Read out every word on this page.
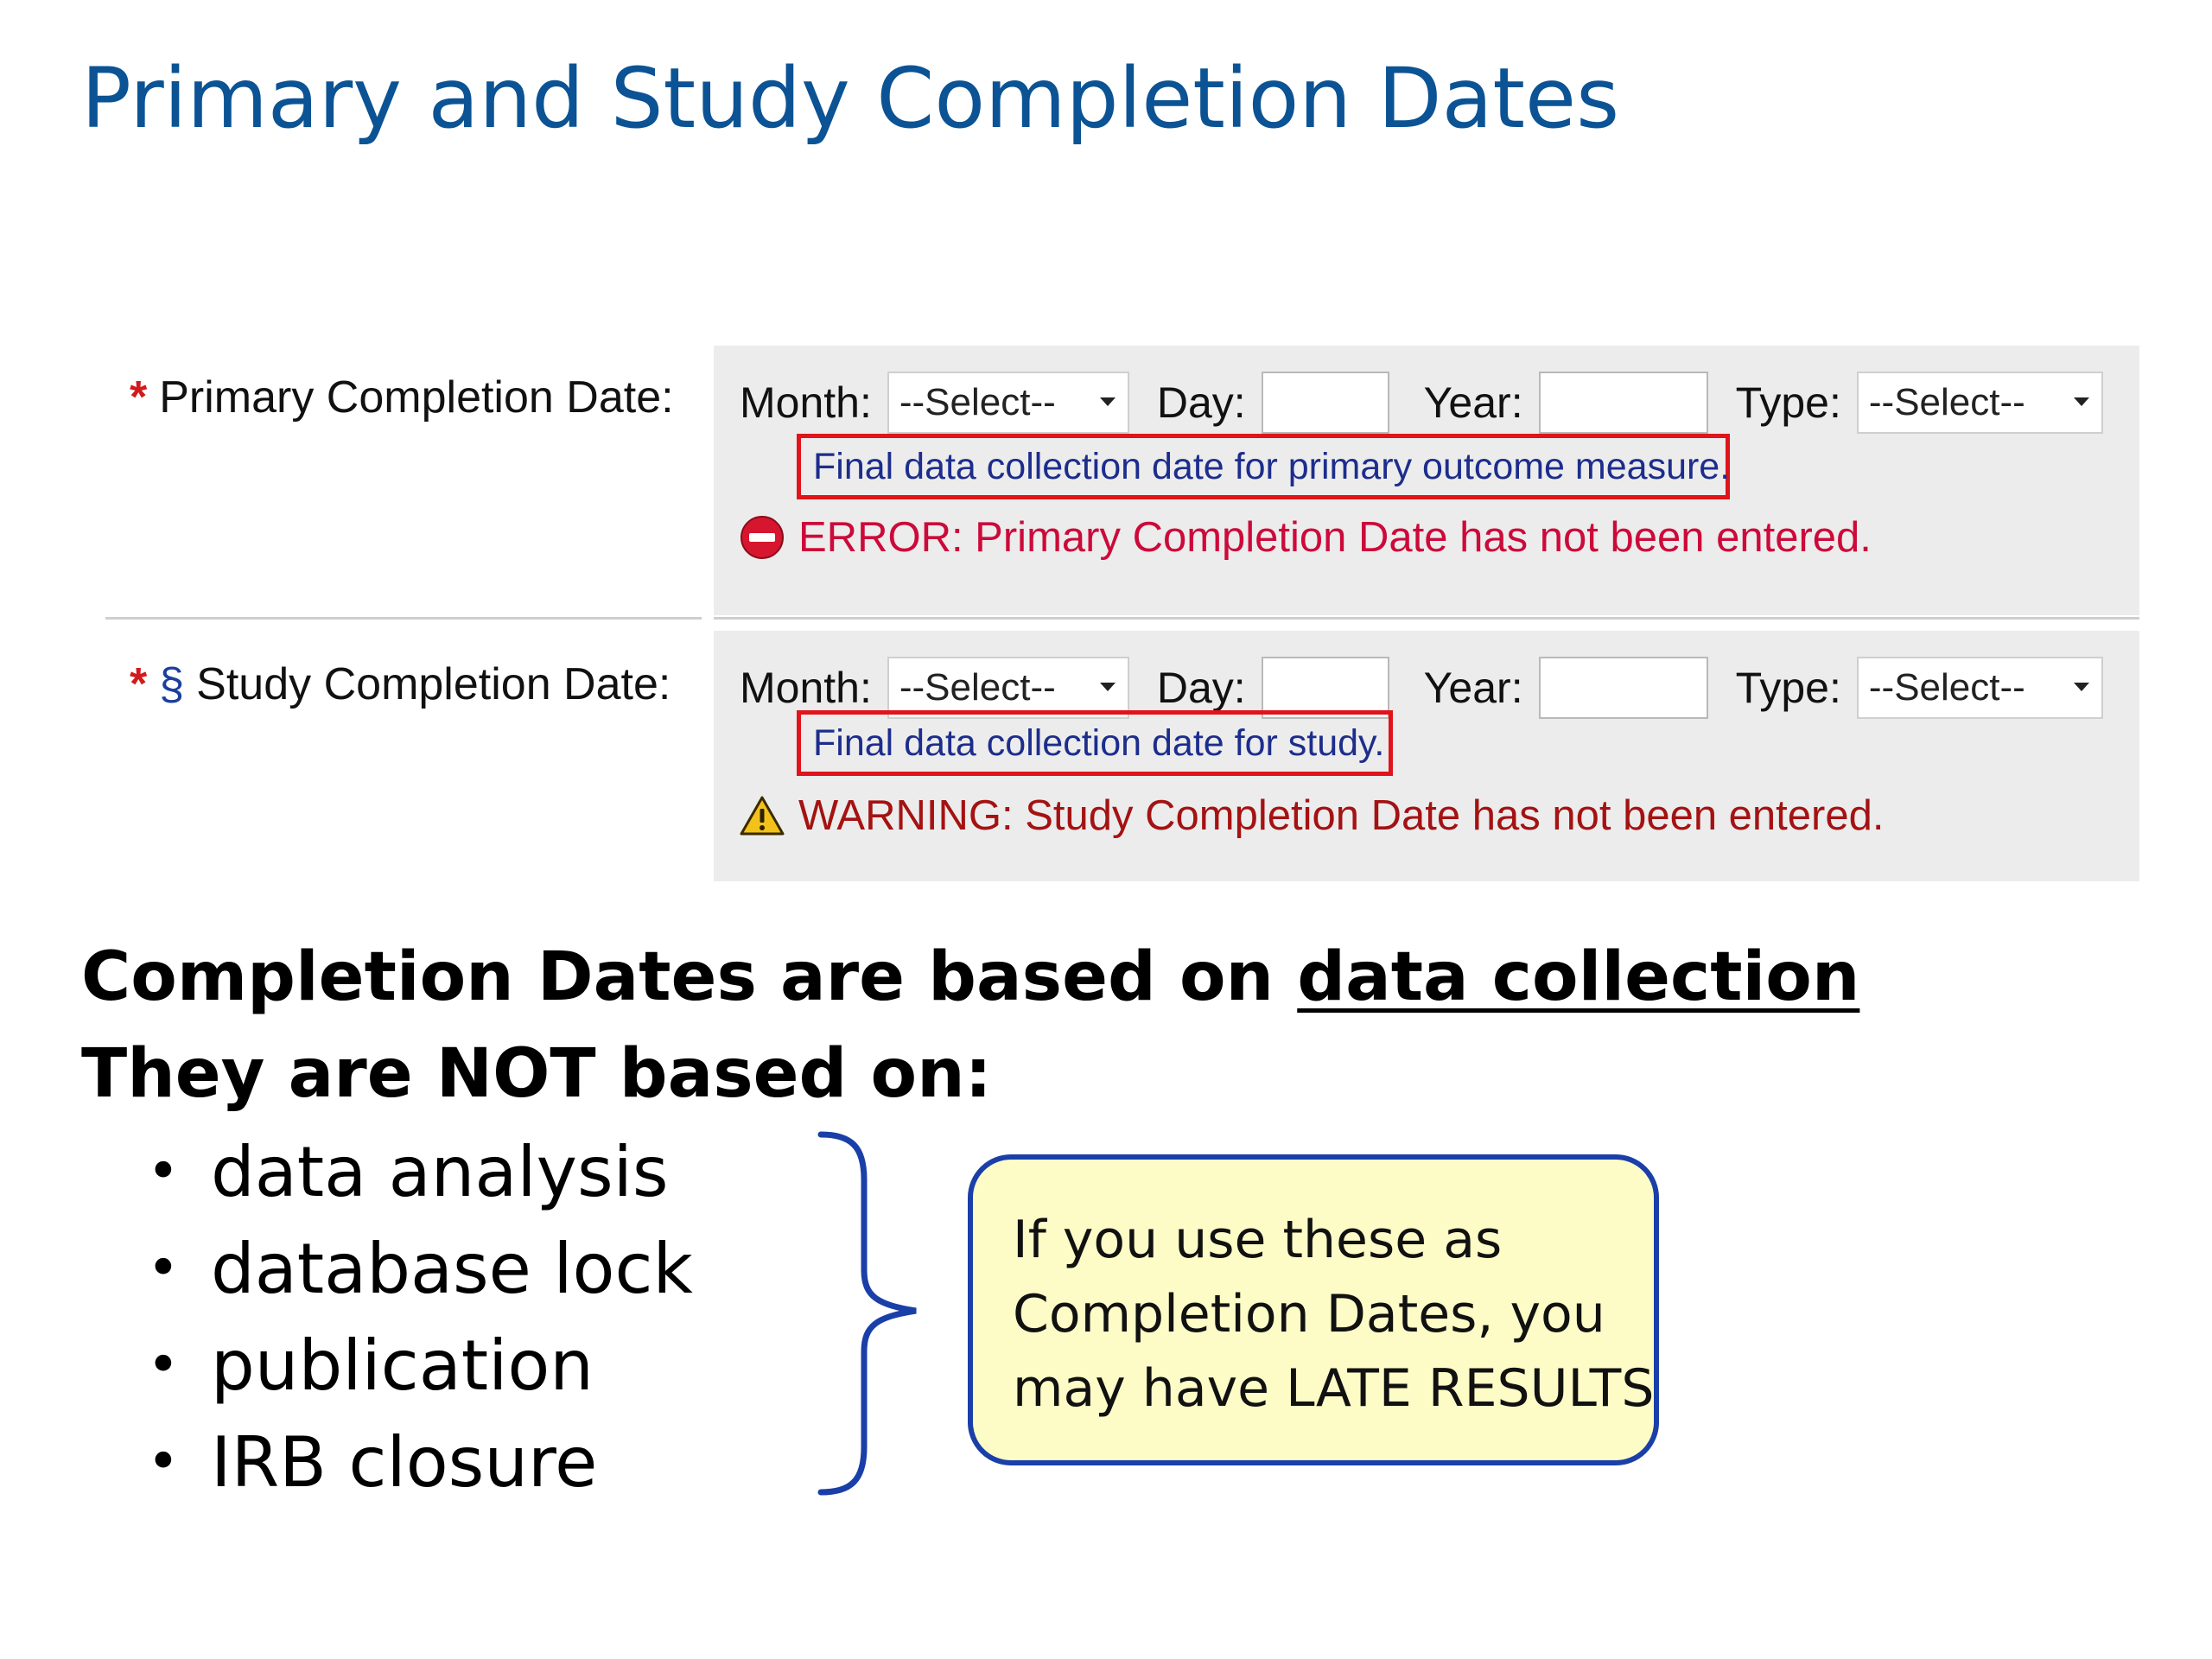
Primary and Study Completion Dates
* Primary Completion Date: Month: --Select-- Day:	Year:	Type: --Select--
Final data collection date for primary outcome measure.
ERROR: Primary Completion Date has not been entered.
* § Study Completion Date: Month: --Select-- Day:	Year:	Type: --Select--
Final data collection date for study.
WARNING: Study Completion Date has not been entered.
Completion Dates are based on data collection
They are NOT based on:
• data analysis
• database lock
• publication
• IRB closure
If you use these as
Completion Dates, you
may have LATE RESULTS
